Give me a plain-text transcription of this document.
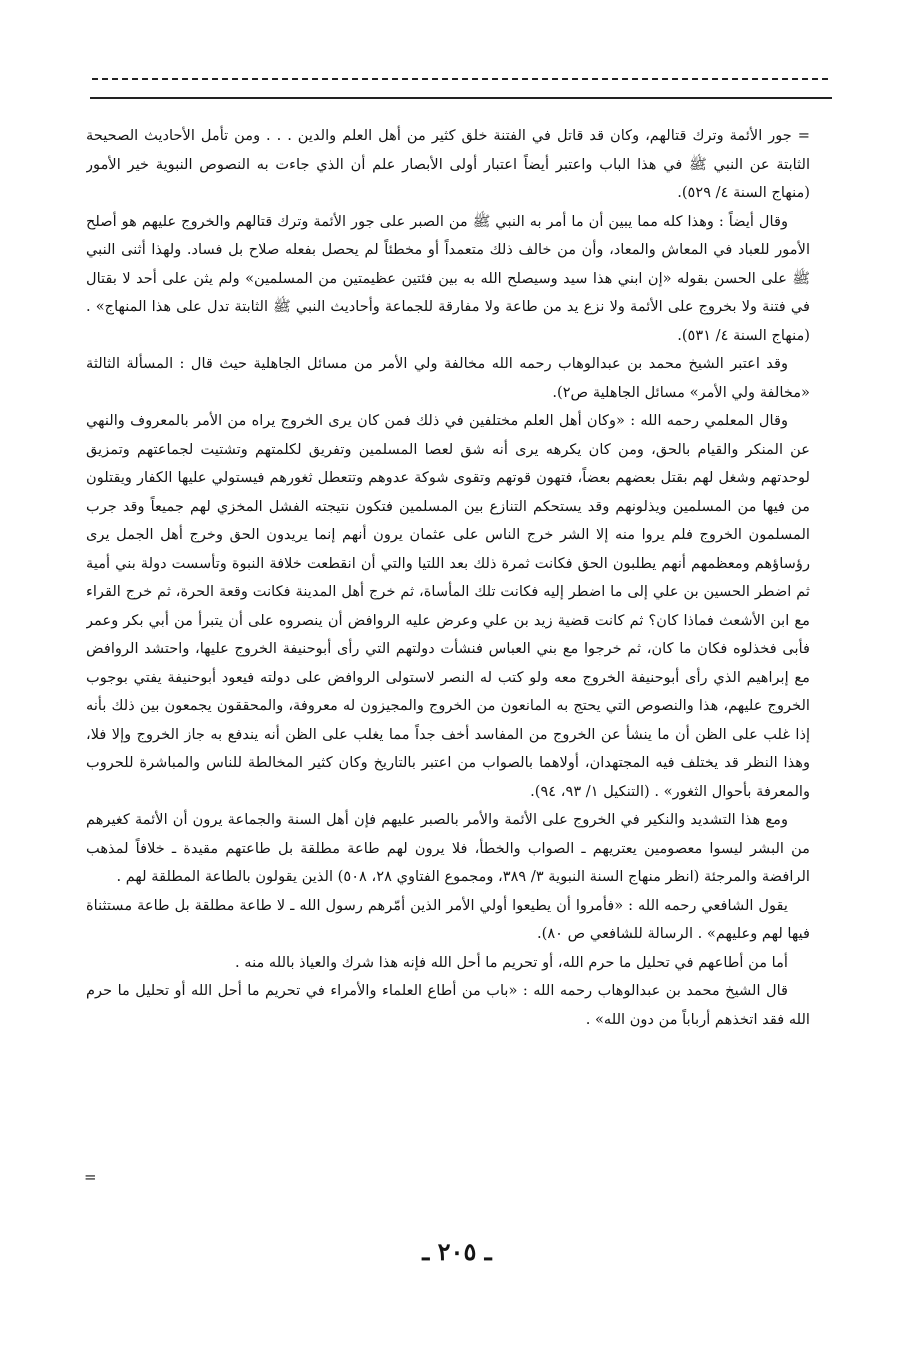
= جور الأئمة وترك قتالهم، وكان قد قاتل في الفتنة خلق كثير من أهل العلم والدين . . . ومن تأمل الأحاديث الصحيحة الثابتة عن النبي ﷺ في هذا الباب واعتبر أيضاً اعتبار أولى الأبصار علم أن الذي جاءت به النصوص النبوية خير الأمور (منهاج السنة ٤/ ٥٢٩).

وقال أيضاً : وهذا كله مما يبين أن ما أمر به النبي ﷺ من الصبر على جور الأئمة وترك قتالهم والخروج عليهم هو أصلح الأمور للعباد في المعاش والمعاد، وأن من خالف ذلك متعمداً أو مخطئاً لم يحصل بفعله صلاح بل فساد. ولهذا أثنى النبي ﷺ على الحسن بقوله «إن ابني هذا سيد وسيصلح الله به بين فئتين عظيمتين من المسلمين» ولم يثن على أحد لا بقتال في فتنة ولا بخروج على الأئمة ولا نزع يد من طاعة ولا مفارقة للجماعة وأحاديث النبي ﷺ الثابتة تدل على هذا المنهاج» . (منهاج السنة ٤/ ٥٣١).

وقد اعتبر الشيخ محمد بن عبدالوهاب رحمه الله مخالفة ولي الأمر من مسائل الجاهلية حيث قال : المسألة الثالثة «مخالفة ولي الأمر» مسائل الجاهلية ص٢).

وقال المعلمي رحمه الله : «وكان أهل العلم مختلفين في ذلك فمن كان يرى الخروج يراه من الأمر بالمعروف والنهي عن المنكر والقيام بالحق، ومن كان يكرهه يرى أنه شق لعصا المسلمين وتفريق لكلمتهم وتشتيت لجماعتهم وتمزيق لوحدتهم وشغل لهم بقتل بعضهم بعضاً، فتهون قوتهم وتقوى شوكة عدوهم وتتعطل ثغورهم فيستولي عليها الكفار ويقتلون من فيها من المسلمين ويذلونهم وقد يستحكم التنازع بين المسلمين فتكون نتيجته الفشل المخزي لهم جميعاً وقد جرب المسلمون الخروج فلم يروا منه إلا الشر خرج الناس على عثمان يرون أنهم إنما يريدون الحق وخرج أهل الجمل يرى رؤساؤهم ومعظمهم أنهم يطلبون الحق فكانت ثمرة ذلك بعد اللتيا والتي أن انقطعت خلافة النبوة وتأسست دولة بني أمية ثم اضطر الحسين بن علي إلى ما اضطر إليه فكانت تلك المأساة، ثم خرج أهل المدينة فكانت وقعة الحرة، ثم خرج القراء مع ابن الأشعث فماذا كان؟ ثم كانت قضية زيد بن علي وعرض عليه الروافض أن ينصروه على أن يتبرأ من أبي بكر وعمر فأبى فخذلوه فكان ما كان، ثم خرجوا مع بني العباس فنشأت دولتهم التي رأى أبوحنيفة الخروج عليها، واحتشد الروافض مع إبراهيم الذي رأى أبوحنيفة الخروج معه ولو كتب له النصر لاستولى الروافض على دولته فيعود أبوحنيفة يفتي بوجوب الخروج عليهم، هذا والنصوص التي يحتج به المانعون من الخروج والمجيزون له معروفة، والمحققون يجمعون بين ذلك بأنه إذا غلب على الظن أن ما ينشأ عن الخروج من المفاسد أخف جداً مما يغلب على الظن أنه يندفع به جاز الخروج وإلا فلا، وهذا النظر قد يختلف فيه المجتهدان، أولاهما بالصواب من اعتبر بالتاريخ وكان كثير المخالطة للناس والمباشرة للحروب والمعرفة بأحوال الثغور» . (التنكيل ١/ ٩٣، ٩٤).

ومع هذا التشديد والنكير في الخروج على الأئمة والأمر بالصبر عليهم فإن أهل السنة والجماعة يرون أن الأئمة كغيرهم من البشر ليسوا معصومين يعتريهم ـ الصواب والخطأ، فلا يرون لهم طاعة مطلقة بل طاعتهم مقيدة ـ خلافاً لمذهب الرافضة والمرجئة (انظر منهاج السنة النبوية ٣/ ٣٨٩، ومجموع الفتاوي ٢٨، ٥٠٨) الذين يقولون بالطاعة المطلقة لهم .

يقول الشافعي رحمه الله : «فأمروا أن يطيعوا أولي الأمر الذين أمّرهم رسول الله ـ لا طاعة مطلقة بل طاعة مستثناة فيها لهم وعليهم» . الرسالة للشافعي ص ٨٠).

أما من أطاعهم في تحليل ما حرم الله، أو تحريم ما أحل الله فإنه هذا شرك والعياذ بالله منه .

قال الشيخ محمد بن عبدالوهاب رحمه الله : «باب من أطاع العلماء والأمراء في تحريم ما أحل الله أو تحليل ما حرم الله فقد اتخذهم أرباباً من دون الله» .

=
ـ ٢٠٥ ـ
